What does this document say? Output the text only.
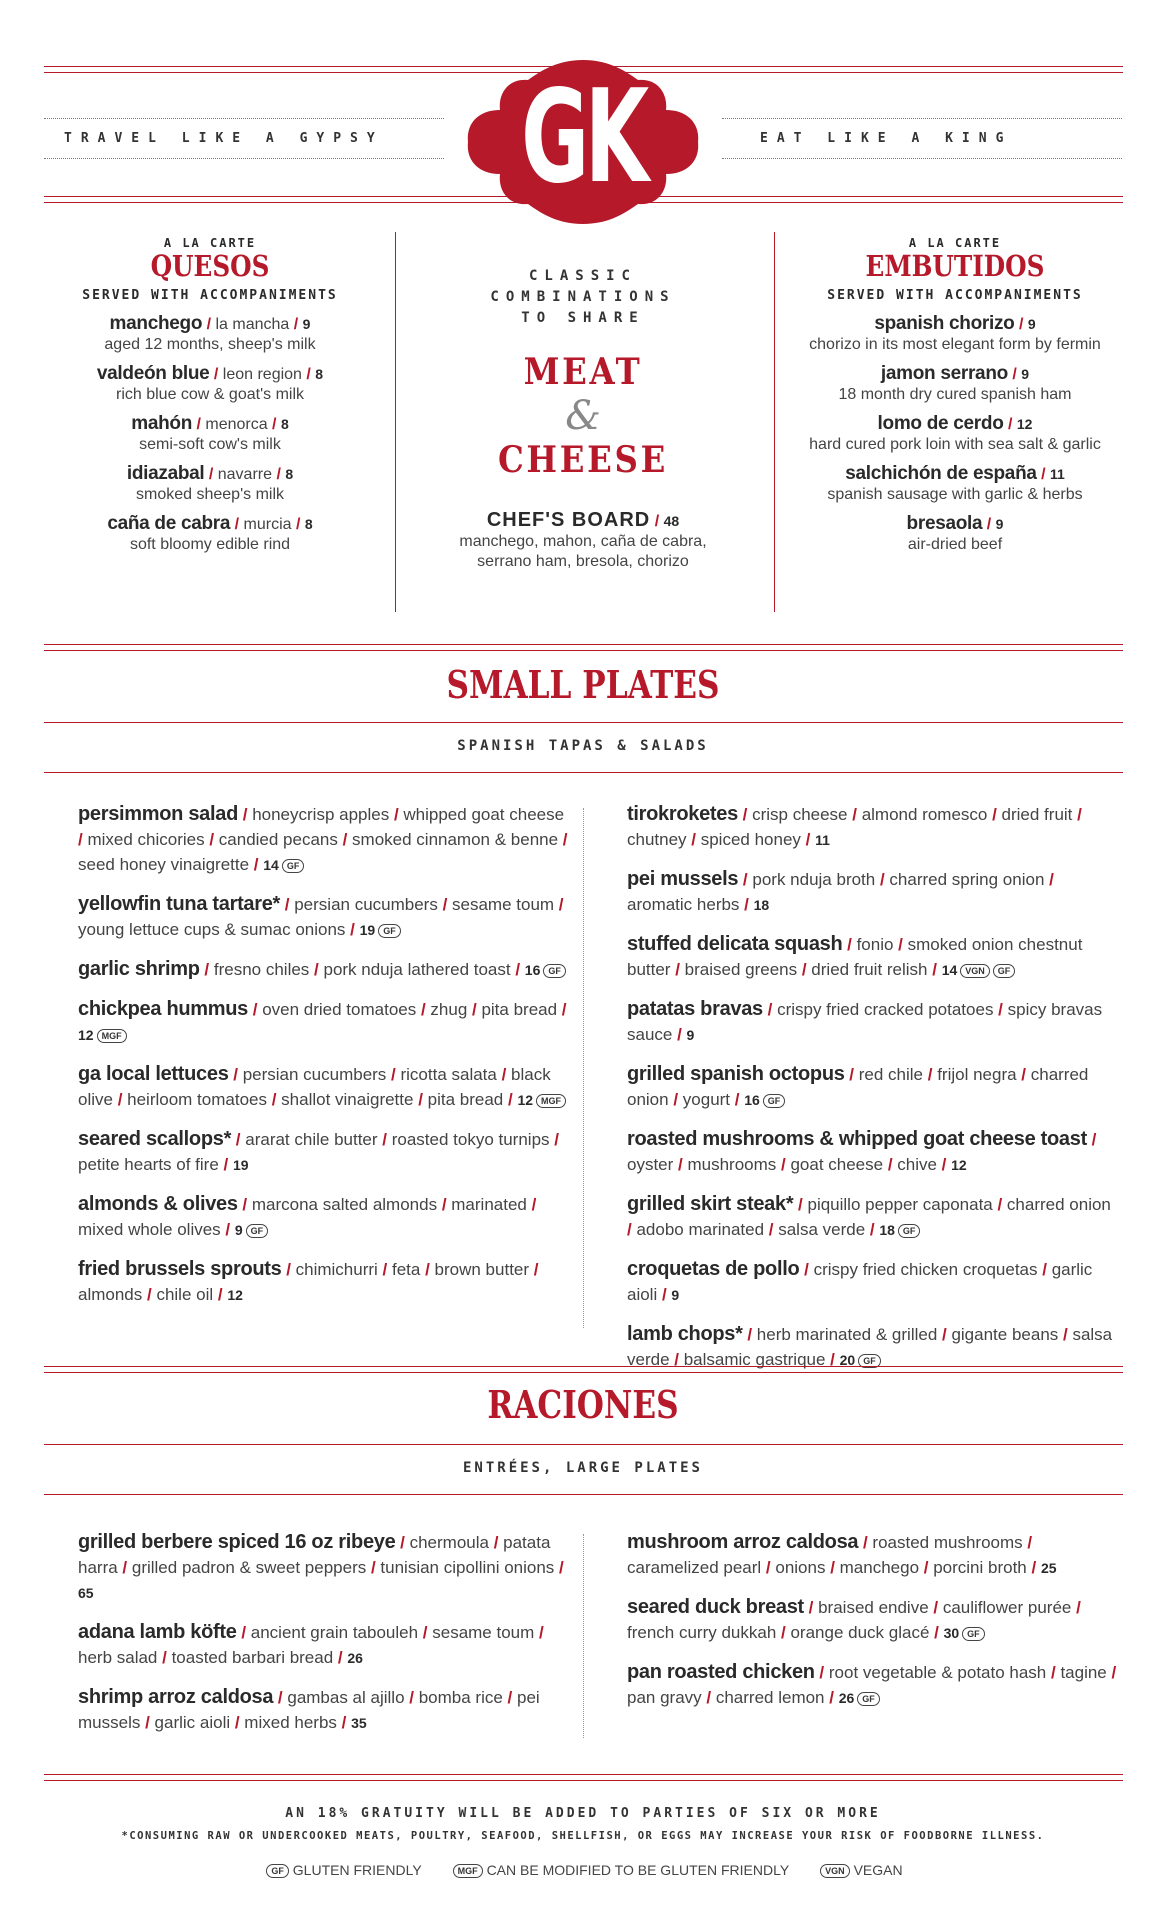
TRAVEL LIKE A GYPSY	EAT LIKE A KING
GK
A LA CARTE
QUESOS
SERVED WITH ACCOMPANIMENTS
manchego / la mancha / 9
aged 12 months, sheep's milk
valdeón blue / leon region / 8
rich blue cow & goat's milk
mahón / menorca / 8
semi-soft cow's milk
idiazabal / navarre / 8
smoked sheep's milk
caña de cabra / murcia / 8
soft bloomy edible rind
CLASSIC
COMBINATIONS
TO SHARE
MEAT
&
CHEESE
CHEF'S BOARD / 48
manchego, mahon, caña de cabra,
serrano ham, bresola, chorizo
A LA CARTE
EMBUTIDOS
SERVED WITH ACCOMPANIMENTS
spanish chorizo / 9
chorizo in its most elegant form by fermin
jamon serrano / 9
18 month dry cured spanish ham
lomo de cerdo / 12
hard cured pork loin with sea salt & garlic
salchichón de españa / 11
spanish sausage with garlic & herbs
bresaola / 9
air-dried beef
SMALL PLATES
SPANISH TAPAS & SALADS
persimmon salad / honeycrisp apples / whipped goat cheese / mixed chicories / candied pecans / smoked cinnamon & benne / seed honey vinaigrette / 14 GF
yellowfin tuna tartare* / persian cucumbers / sesame toum / young lettuce cups & sumac onions / 19 GF
garlic shrimp / fresno chiles / pork nduja lathered toast / 16 GF
chickpea hummus / oven dried tomatoes / zhug / pita bread / 12 MGF
ga local lettuces / persian cucumbers / ricotta salata / black olive / heirloom tomatoes / shallot vinaigrette / pita bread / 12 MGF
seared scallops* / ararat chile butter / roasted tokyo turnips / petite hearts of fire / 19
almonds & olives / marcona salted almonds / marinated / mixed whole olives / 9 GF
fried brussels sprouts / chimichurri / feta / brown butter / almonds / chile oil / 12
tirokroketes / crisp cheese / almond romesco / dried fruit / chutney / spiced honey / 11
pei mussels / pork nduja broth / charred spring onion / aromatic herbs / 18
stuffed delicata squash / fonio / smoked onion chestnut butter / braised greens / dried fruit relish / 14 VGN GF
patatas bravas / crispy fried cracked potatoes / spicy bravas sauce / 9
grilled spanish octopus / red chile / frijol negra / charred onion / yogurt / 16 GF
roasted mushrooms & whipped goat cheese toast / oyster / mushrooms / goat cheese / chive / 12
grilled skirt steak* / piquillo pepper caponata / charred onion / adobo marinated / salsa verde / 18 GF
croquetas de pollo / crispy fried chicken croquetas / garlic aioli / 9
lamb chops* / herb marinated & grilled / gigante beans / salsa verde / balsamic gastrique / 20 GF
RACIONES
ENTRÉES, LARGE PLATES
grilled berbere spiced 16 oz ribeye / chermoula / patata harra / grilled padron & sweet peppers / tunisian cipollini onions / 65
adana lamb köfte / ancient grain tabouleh / sesame toum / herb salad / toasted barbari bread / 26
shrimp arroz caldosa / gambas al ajillo / bomba rice / pei mussels / garlic aioli / mixed herbs / 35
mushroom arroz caldosa / roasted mushrooms / caramelized pearl / onions / manchego / porcini broth / 25
seared duck breast / braised endive / cauliflower purée / french curry dukkah / orange duck glacé / 30 GF
pan roasted chicken / root vegetable & potato hash / tagine / pan gravy / charred lemon / 26 GF
AN 18% GRATUITY WILL BE ADDED TO PARTIES OF SIX OR MORE
*CONSUMING RAW OR UNDERCOOKED MEATS, POULTRY, SEAFOOD, SHELLFISH, OR EGGS MAY INCREASE YOUR RISK OF FOODBORNE ILLNESS.
GF GLUTEN FRIENDLY	MGF CAN BE MODIFIED TO BE GLUTEN FRIENDLY	VGN VEGAN
